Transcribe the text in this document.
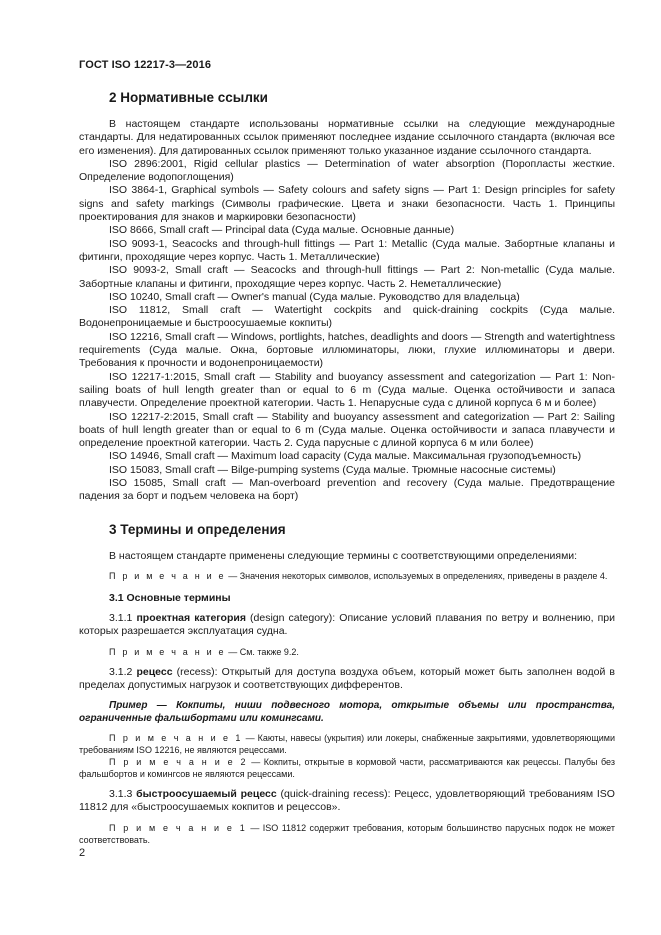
ГОСТ ISO 12217-3—2016
2 Нормативные ссылки

В настоящем стандарте использованы нормативные ссылки на следующие международные стандарты. Для недатированных ссылок применяют последнее издание ссылочного стандарта (включая все его изменения). Для датированных ссылок применяют только указанное издание ссылочного стандарта.

ISO 2896:2001, Rigid cellular plastics — Determination of water absorption (Поропласты жесткие. Определение водопоглощения)

ISO 3864-1, Graphical symbols — Safety colours and safety signs — Part 1: Design principles for safety signs and safety markings (Символы графические. Цвета и знаки безопасности. Часть 1. Принципы проектирования для знаков и маркировки безопасности)

ISO 8666, Small craft — Principal data (Суда малые. Основные данные)

ISO 9093-1, Seacocks and through-hull fittings — Part 1: Metallic (Суда малые. Забортные клапаны и фитинги, проходящие через корпус. Часть 1. Металлические)

ISO 9093-2, Small craft — Seacocks and through-hull fittings — Part 2: Non-metallic (Суда малые. Забортные клапаны и фитинги, проходящие через корпус. Часть 2. Неметаллические)

ISO 10240, Small craft — Owner's manual (Суда малые. Руководство для владельца)

ISO 11812, Small craft — Watertight cockpits and quick-draining cockpits (Суда малые. Водонепроницаемые и быстроосушаемые кокпиты)

ISO 12216, Small craft — Windows, portlights, hatches, deadlights and doors — Strength and watertightness requirements (Суда малые. Окна, бортовые иллюминаторы, люки, глухие иллюминаторы и двери. Требования к прочности и водонепроницаемости)

ISO 12217-1:2015, Small craft — Stability and buoyancy assessment and categorization — Part 1: Non-sailing boats of hull length greater than or equal to 6 m (Суда малые. Оценка остойчивости и запаса плавучести. Определение проектной категории. Часть 1. Непарусные суда с длиной корпуса 6 м и более)

ISO 12217-2:2015, Small craft — Stability and buoyancy assessment and categorization — Part 2: Sailing boats of hull length greater than or equal to 6 m (Суда малые. Оценка остойчивости и запаса плавучести и определение проектной категории. Часть 2. Суда парусные с длиной корпуса 6 м или более)

ISO 14946, Small craft — Maximum load capacity (Суда малые. Максимальная грузоподъемность)

ISO 15083, Small craft — Bilge-pumping systems (Суда малые. Трюмные насосные системы)

ISO 15085, Small craft — Man-overboard prevention and recovery (Суда малые. Предотвращение падения за борт и подъем человека на борт)

3 Термины и определения

В настоящем стандарте применены следующие термины с соответствующими определениями:

П р и м е ч а н и е — Значения некоторых символов, используемых в определениях, приведены в разделе 4.

3.1 Основные термины

3.1.1 проектная категория (design category): Описание условий плавания по ветру и волнению, при которых разрешается эксплуатация судна.

П р и м е ч а н и е — См. также 9.2.

3.1.2 рецесс (recess): Открытый для доступа воздуха объем, который может быть заполнен водой в пределах допустимых нагрузок и соответствующих дифферентов.

Пример — Кокпиты, ниши подвесного мотора, открытые объемы или пространства, ограниченные фальшбортами или комингсами.

П р и м е ч а н и е 1 — Каюты, навесы (укрытия) или локеры, снабженные закрытиями, удовлетворяющими требованиям ISO 12216, не являются рецессами.

П р и м е ч а н и е 2 — Кокпиты, открытые в кормовой части, рассматриваются как рецессы. Палубы без фальшбортов и комингсов не являются рецессами.

3.1.3 быстроосушаемый рецесс (quick-draining recess): Рецесс, удовлетворяющий требованиям ISO 11812 для «быстроосушаемых кокпитов и рецессов».

П р и м е ч а н и е 1 — ISO 11812 содержит требования, которым большинство парусных подок не может соответствовать.

2
